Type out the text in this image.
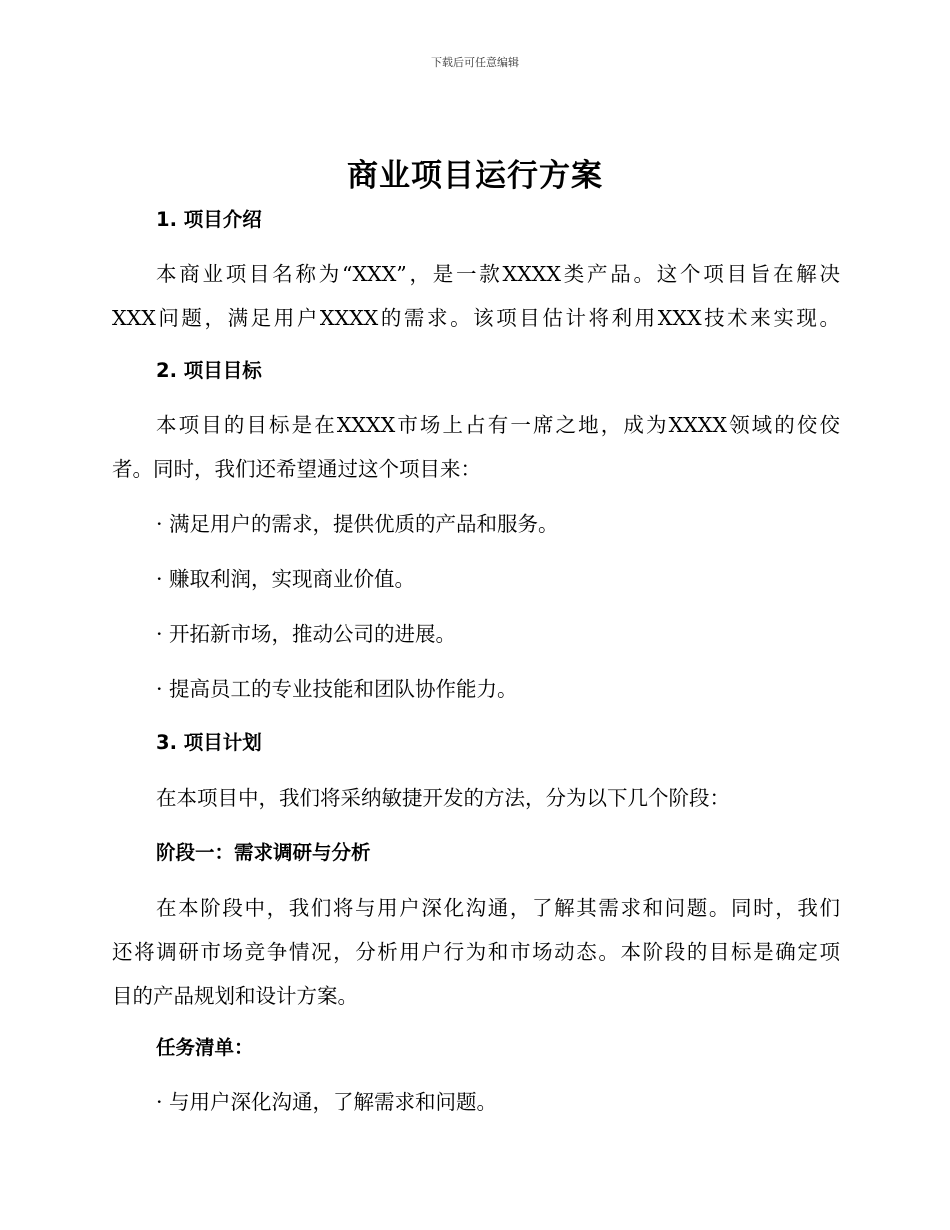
下载后可任意编辑
商业项目运行方案
1. 项目介绍
本商业项目名称为“XXX”，是一款XXXX类产品。这个项目旨在解决
XXX问题，满足用户XXXX的需求。该项目估计将利用XXX技术来实现。
2. 项目目标
本项目的目标是在XXXX市场上占有一席之地，成为XXXX领域的佼佼
者。同时，我们还希望通过这个项目来：
· 满足用户的需求，提供优质的产品和服务。
· 赚取利润，实现商业价值。
· 开拓新市场，推动公司的进展。
· 提高员工的专业技能和团队协作能力。
3. 项目计划
在本项目中，我们将采纳敏捷开发的方法，分为以下几个阶段：
阶段一：需求调研与分析
在本阶段中，我们将与用户深化沟通，了解其需求和问题。同时，我们
还将调研市场竞争情况，分析用户行为和市场动态。本阶段的目标是确定项
目的产品规划和设计方案。
任务清单：
· 与用户深化沟通，了解需求和问题。
